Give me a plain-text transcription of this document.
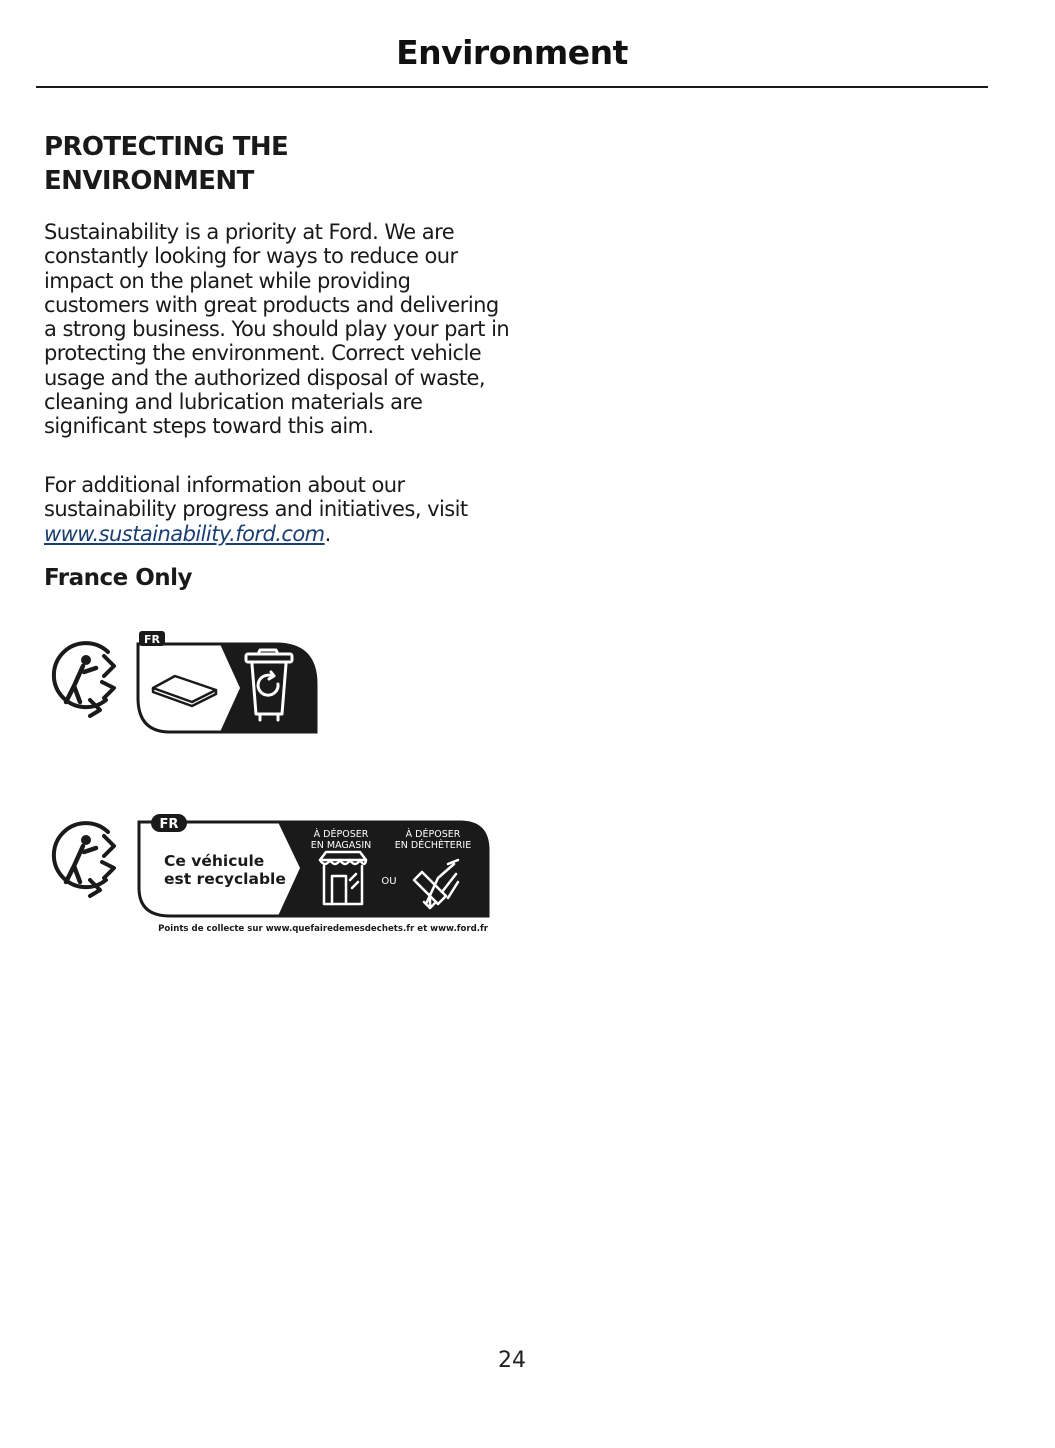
Environment
PROTECTING THE ENVIRONMENT

Sustainability is a priority at Ford. We are constantly looking for ways to reduce our impact on the planet while providing customers with great products and delivering a strong business. You should play your part in protecting the environment. Correct vehicle usage and the authorized disposal of waste, cleaning and lubrication materials are significant steps toward this aim.

For additional information about our sustainability progress and initiatives, visit www.sustainability.ford.com.

France Only
FR
FR
Ce véhicule
est recyclable
À DÉPOSER
EN MAGASIN
À DÉPOSER
EN DÉCHÈTERIE
OU
Points de collecte sur www.quefairedemesdechets.fr et www.ford.fr
24
